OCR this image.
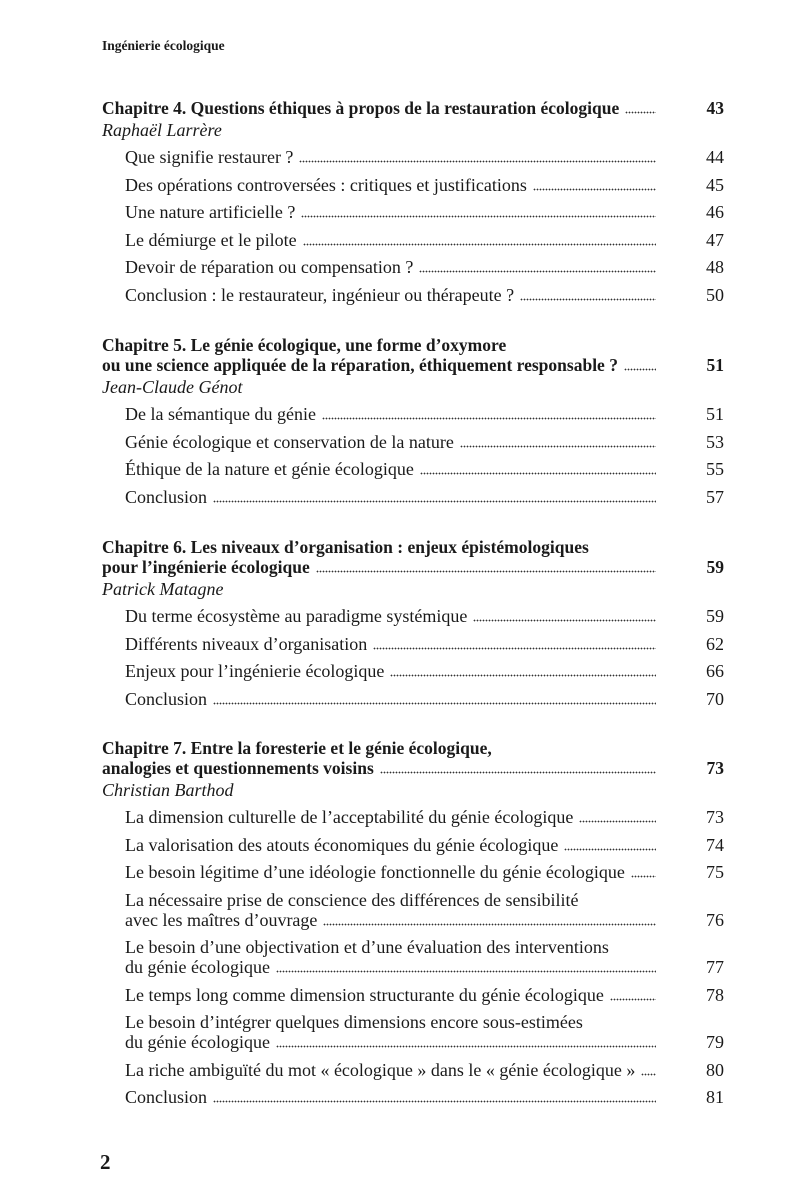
Ingénierie écologique
Chapitre 4. Questions éthiques à propos de la restauration écologique	43
Raphaël Larrère
Que signifie restaurer ?	44
Des opérations controversées : critiques et justifications	45
Une nature artificielle ?	46
Le démiurge et le pilote	47
Devoir de réparation ou compensation ?	48
Conclusion : le restaurateur, ingénieur ou thérapeute ?	50
Chapitre 5. Le génie écologique, une forme d’oxymore
ou une science appliquée de la réparation, éthiquement responsable ?	51
Jean-Claude Génot
De la sémantique du génie	51
Génie écologique et conservation de la nature	53
Éthique de la nature et génie écologique	55
Conclusion	57
Chapitre 6. Les niveaux d’organisation : enjeux épistémologiques
pour l’ingénierie écologique	59
Patrick Matagne
Du terme écosystème au paradigme systémique	59
Différents niveaux d’organisation	62
Enjeux pour l’ingénierie écologique	66
Conclusion	70
Chapitre 7. Entre la foresterie et le génie écologique,
analogies et questionnements voisins	73
Christian Barthod
La dimension culturelle de l’acceptabilité du génie écologique	73
La valorisation des atouts économiques du génie écologique	74
Le besoin légitime d’une idéologie fonctionnelle du génie écologique	75
La nécessaire prise de conscience des différences de sensibilité
avec les maîtres d’ouvrage	76
Le besoin d’une objectivation et d’une évaluation des interventions
du génie écologique	77
Le temps long comme dimension structurante du génie écologique	78
Le besoin d’intégrer quelques dimensions encore sous-estimées
du génie écologique	79
La riche ambiguïté du mot « écologique » dans le « génie écologique »	80
Conclusion	81
2
